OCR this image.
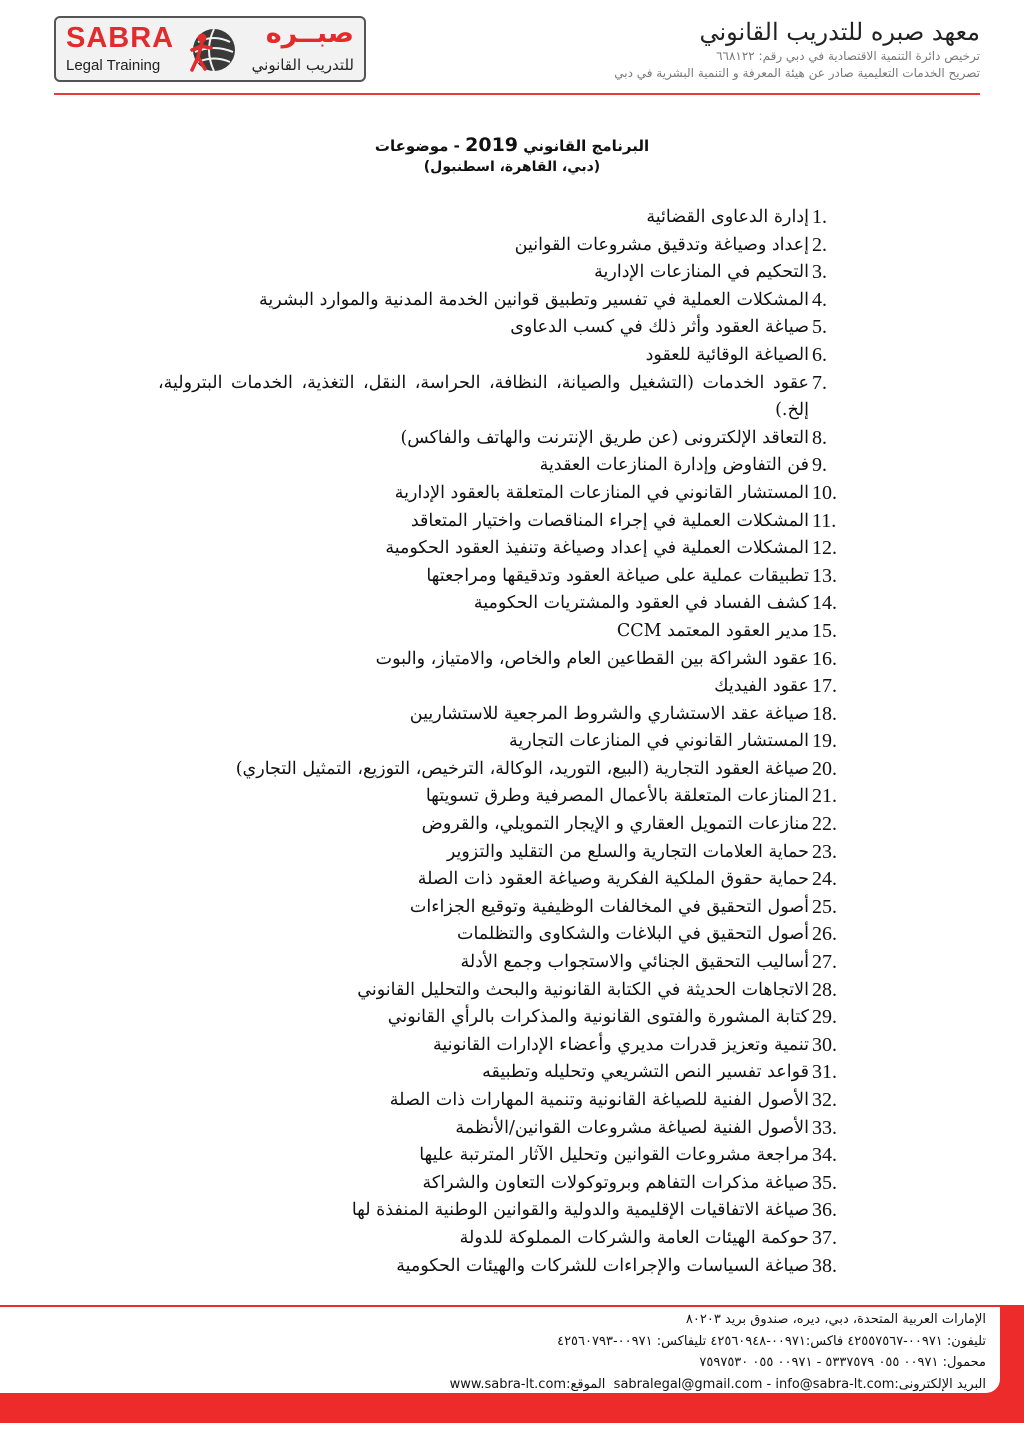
SABRA
Legal Training
صبــره
للتدريب القانوني
معهد صبره للتدريب القانوني
ترخيص دائرة التنمية الاقتصادية في دبي رقم: ٦٦٨١٢٢
تصريح الخدمات التعليمية صادر عن هيئة المعرفة و التنمية البشرية في دبي
البرنامج القانوني 2019 - موضوعات
(دبي، القاهرة، اسطنبول)
1.
إدارة الدعاوى القضائية
2.
إعداد وصياغة وتدقيق مشروعات القوانين
3.
التحكيم في المنازعات الإدارية
4.
المشكلات العملية في تفسير وتطبيق قوانين الخدمة المدنية والموارد البشرية
5.
صياغة العقود وأثر ذلك في كسب الدعاوى
6.
الصياغة الوقائية للعقود
7.
عقود الخدمات (التشغيل والصيانة، النظافة، الحراسة، النقل، التغذية، الخدمات البترولية، إلخ.)
8.
التعاقد الإلكترونى (عن طريق الإنترنت والهاتف والفاكس)
9.
فن التفاوض وإدارة المنازعات العقدية
10.
المستشار القانوني في المنازعات المتعلقة بالعقود الإدارية
11.
المشكلات العملية في إجراء المناقصات واختيار المتعاقد
12.
المشكلات العملية في إعداد وصياغة وتنفيذ العقود الحكومية
13.
تطبيقات عملية على صياغة العقود وتدقيقها ومراجعتها
14.
كشف الفساد في العقود والمشتريات الحكومية
15.
مدير العقود المعتمد CCM
16.
عقود الشراكة بين القطاعين العام والخاص، والامتياز، والبوت
17.
عقود الفيديك
18.
صياغة عقد الاستشاري والشروط المرجعية للاستشاريين
19.
المستشار القانوني في المنازعات التجارية
20.
صياغة العقود التجارية (البيع، التوريد، الوكالة، الترخيص، التوزيع، التمثيل التجاري)
21.
المنازعات المتعلقة بالأعمال المصرفية وطرق تسويتها
22.
منازعات التمويل العقاري و الإيجار التمويلي، والقروض
23.
حماية العلامات التجارية والسلع من التقليد والتزوير
24.
حماية حقوق الملكية الفكرية وصياغة العقود ذات الصلة
25.
أصول التحقيق في المخالفات الوظيفية وتوقيع الجزاءات
26.
أصول التحقيق في البلاغات والشكاوى والتظلمات
27.
أساليب التحقيق الجنائي والاستجواب وجمع الأدلة
28.
الاتجاهات الحديثة في الكتابة القانونية والبحث والتحليل القانوني
29.
كتابة المشورة والفتوى القانونية والمذكرات بالرأي القانوني
30.
تنمية وتعزيز قدرات مديري وأعضاء الإدارات القانونية
31.
قواعد تفسير النص التشريعي وتحليله وتطبيقه
32.
الأصول الفنية للصياغة القانونية وتنمية المهارات ذات الصلة
33.
الأصول الفنية لصياغة مشروعات القوانين/الأنظمة
34.
مراجعة مشروعات القوانين وتحليل الآثار المترتبة عليها
35.
صياغة مذكرات التفاهم وبروتوكولات التعاون والشراكة
36.
صياغة الاتفاقيات الإقليمية والدولية والقوانين الوطنية المنفذة لها
37.
حوكمة الهيئات العامة والشركات المملوكة للدولة
38.
صياغة السياسات والإجراءات للشركات والهيئات الحكومية
الإمارات العربية المتحدة، دبي، ديره، صندوق بريد ٨٠٢٠٣
تليفون: ٠٠٩٧١-٤٢٥٥٧٥٦٧ فاكس:٠٠٩٧١-٤٢٥٦٠٩٤٨ تليفاكس: ٠٠٩٧١-٤٢٥٦٠٧٩٣
محمول: ٠٠٩٧١ ٠٥٥ ٥٣٣٧٥٧٩ - ٠٠٩٧١ ٠٥٥ ٧٥٩٧٥٣٠
البريد الإلكترونى:sabralegal@gmail.com - info@sabra-lt.com  الموقع:www.sabra-lt.com
